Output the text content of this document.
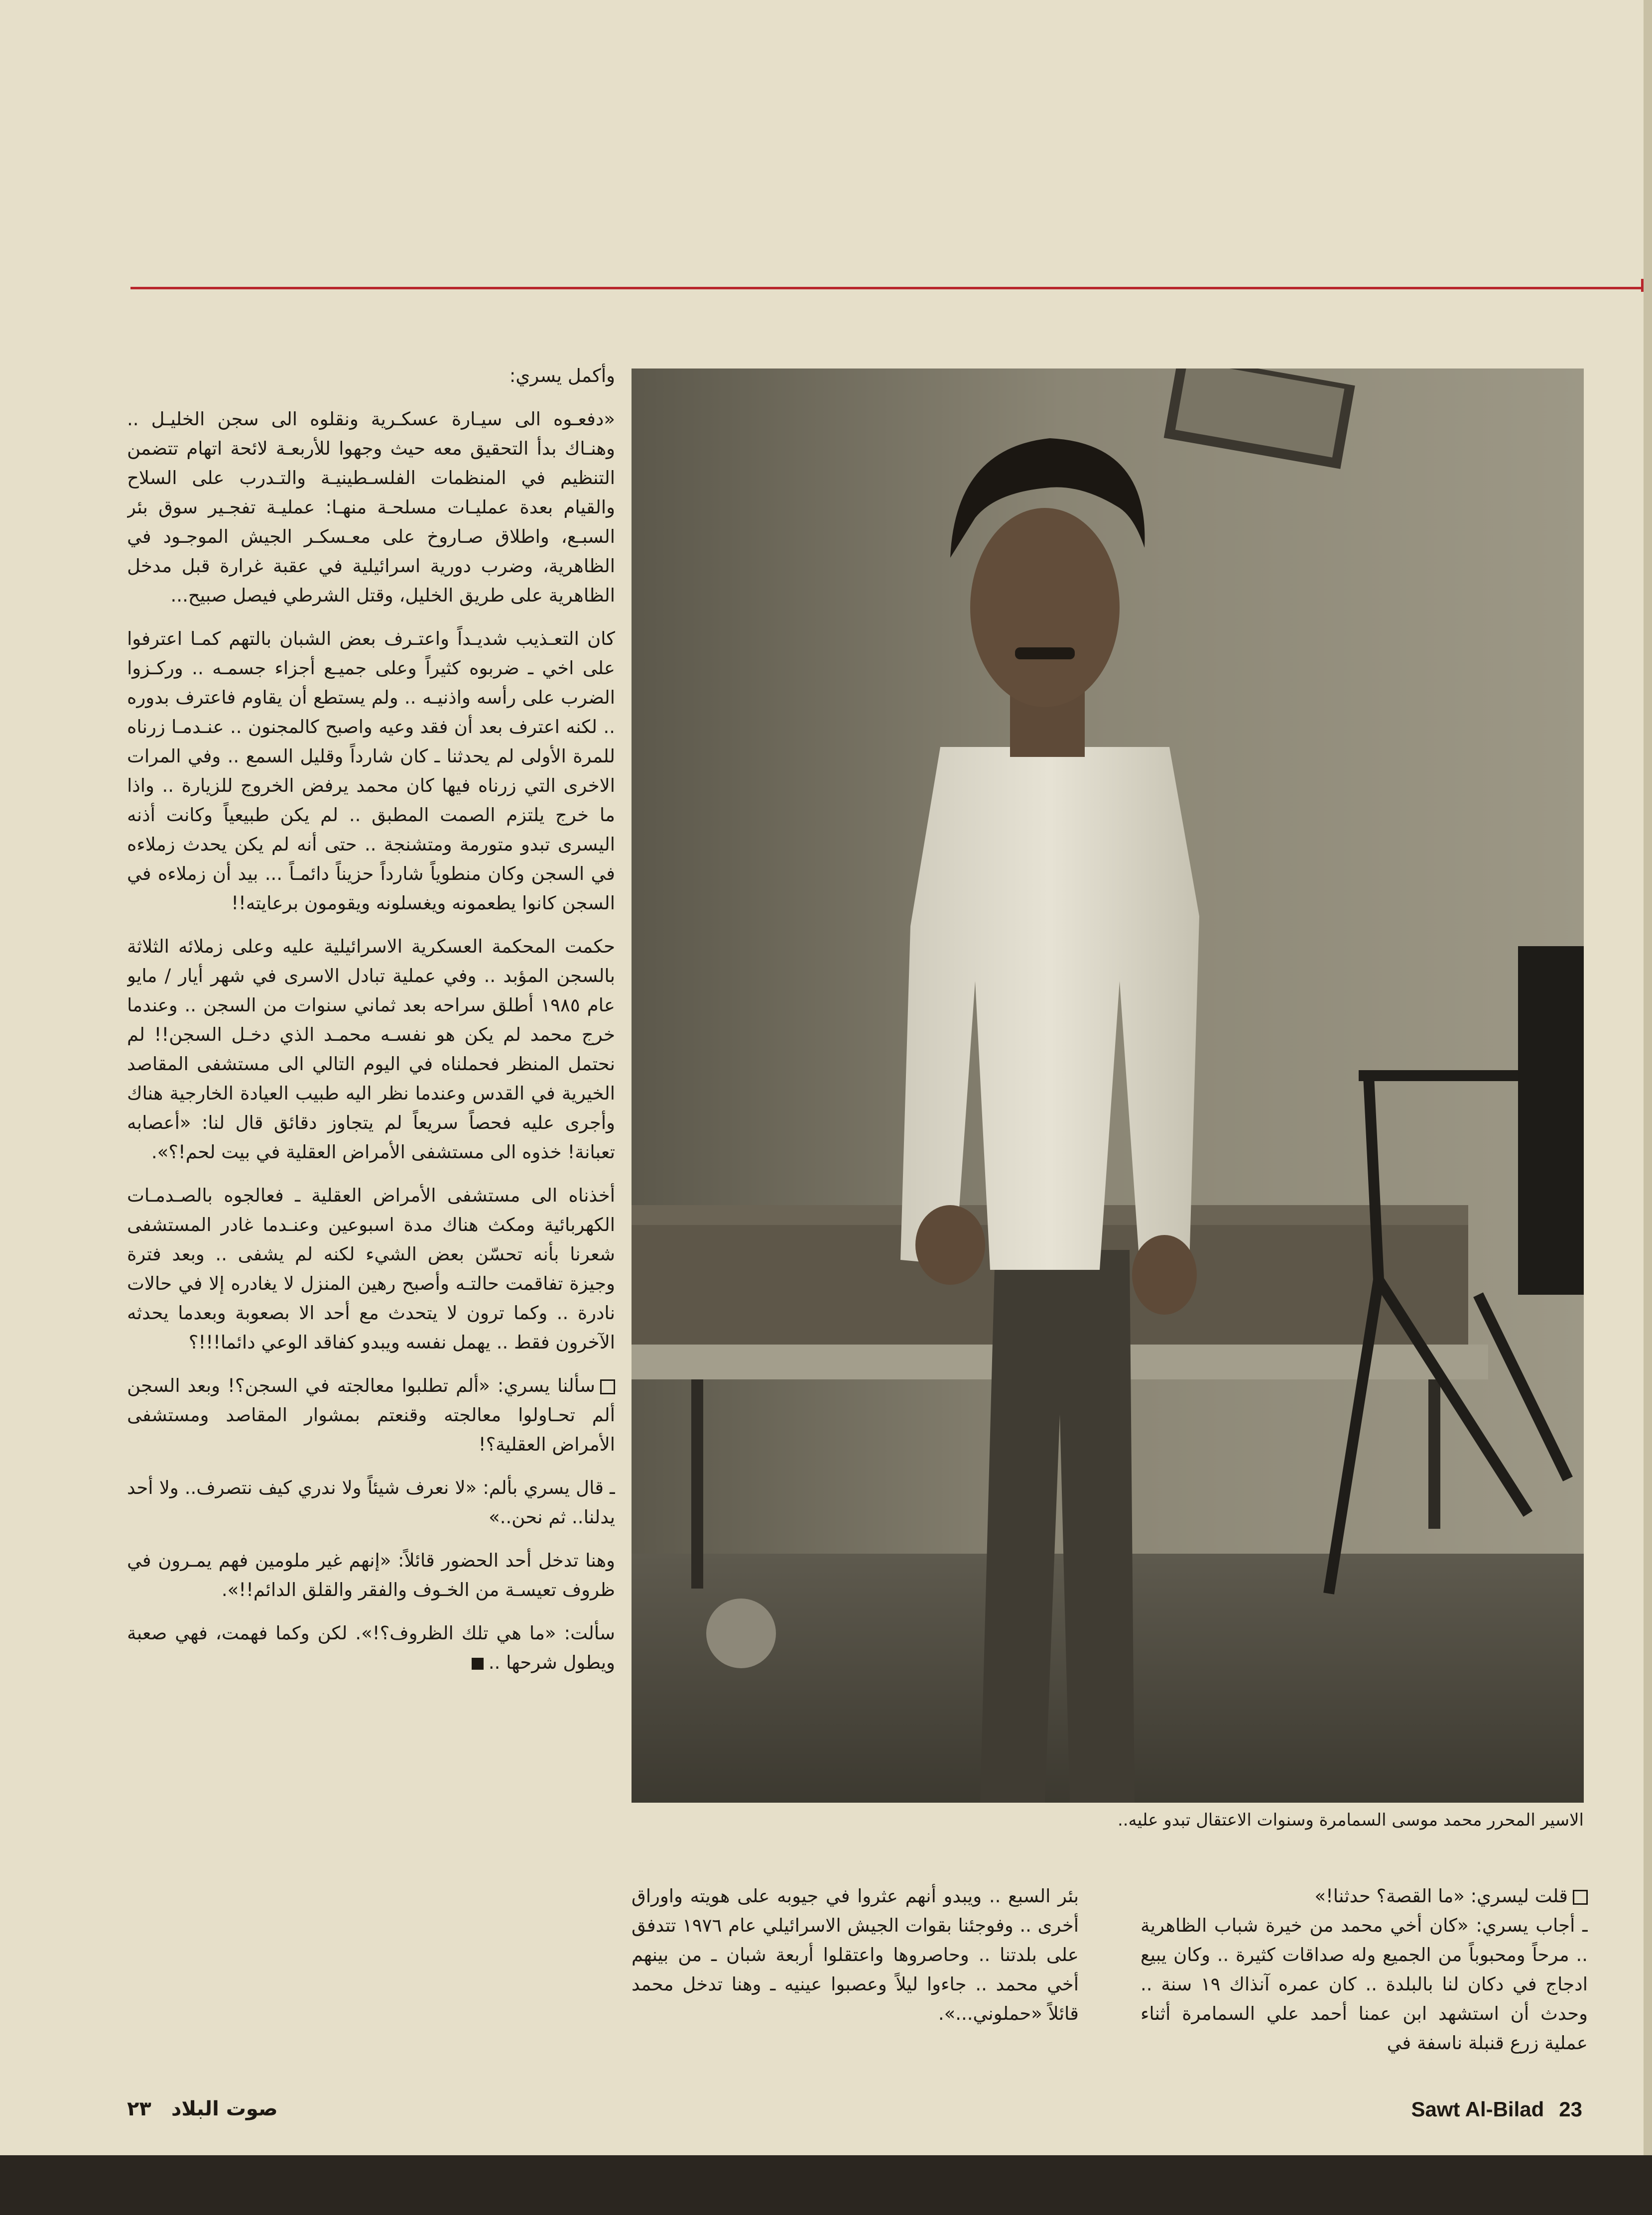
وأكمل يسري:

«دفعـوه الى سيـارة عسكـرية ونقلوه الى سجن الخليـل .. وهنـاك بدأ التحقيق معه حيث وجهوا للأربعـة لائحة اتهام تتضمن التنظيم في المنظمات الفلسـطينيـة والتـدرب على السلاح والقيام بعدة عمليـات مسلحـة منهـا: عمليـة تفجـير سوق بئر السبـع، واطلاق صـاروخ على معـسكـر الجيش الموجـود في الظاهرية، وضرب دورية اسرائيلية في عقبة غرارة قبل مدخل الظاهرية على طريق الخليل، وقتل الشرطي فيصل صبيح...

كان التعـذيب شديـداً واعتـرف بعض الشبان بالتهم كمـا اعترفوا على اخي ـ ضربوه كثيراً وعلى جميـع أجزاء جسمـه .. وركـزوا الضرب على رأسه واذنيـه .. ولم يستطع أن يقاوم فاعترف بدوره .. لكنه اعترف بعد أن فقد وعيه واصبح كالمجنون .. عنـدمـا زرناه للمرة الأولى لم يحدثنا ـ كان شارداً وقليل السمع .. وفي المرات الاخرى التي زرناه فيها كان محمد يرفض الخروج للزيارة .. واذا ما خرج يلتزم الصمت المطبق .. لم يكن طبيعياً وكانت أذنه اليسرى تبدو متورمة ومتشنجة .. حتى أنه لم يكن يحدث زملاءه في السجن وكان منطوياً شارداً حزيناً دائمـاً ... بيد أن زملاءه في السجن كانوا يطعمونه ويغسلونه ويقومون برعايته!!

حكمت المحكمة العسكرية الاسرائيلية عليه وعلى زملائه الثلاثة بالسجن المؤبد .. وفي عملية تبادل الاسرى في شهر أيار / مايو عام ١٩٨٥ أطلق سراحه بعد ثماني سنوات من السجن .. وعندما خرج محمد لم يكن هو نفسـه محمـد الذي دخـل السجن!! لم نحتمل المنظر فحملناه في اليوم التالي الى مستشفى المقاصد الخيرية في القدس وعندما نظر اليه طبيب العيادة الخارجية هناك وأجرى عليه فحصاً سريعاً لم يتجاوز دقائق قال لنا: «أعصابه تعبانة! خذوه الى مستشفى الأمراض العقلية في بيت لحم!؟».

أخذناه الى مستشفى الأمراض العقلية ـ فعالجوه بالصـدمـات الكهربائية ومكث هناك مدة اسبوعين وعنـدما غادر المستشفى شعرنا بأنه تحسّن بعض الشيء لكنه لم يشفى .. وبعد فترة وجيزة تفاقمت حالتـه وأصبح رهين المنزل لا يغادره إلا في حالات نادرة .. وكما ترون لا يتحدث مع أحد الا بصعوبة وبعدما يحدثه الآخرون فقط .. يهمل نفسه ويبدو كفاقد الوعي دائما!!!؟

سألنا يسري: «ألم تطلبوا معالجته في السجن؟! وبعد السجن ألم تحـاولوا معالجته وقنعتم بمشوار المقاصد ومستشفى الأمراض العقلية؟!

ـ قال يسري بألم: «لا نعرف شيئاً ولا ندري كيف نتصرف.. ولا أحد يدلنا.. ثم نحن..»

وهنا تدخل أحد الحضور قائلاً: «إنهم غير ملومين فهم يمـرون في ظروف تعيسـة من الخـوف والفقر والقلق الدائم!!».

سألت: «ما هي تلك الظروف؟!». لكن وكما فهمت، فهي صعبة ويطول شرحها ..

الاسير المحرر محمد موسى السمامرة وسنوات الاعتقال تبدو عليه..

بئر السبع .. ويبدو أنهم عثروا في جيوبه على هويته واوراق أخرى .. وفوجئنا بقوات الجيش الاسرائيلي عام ١٩٧٦ تتدفق على بلدتنا .. وحاصروها واعتقلوا أربعة شبان ـ من بينهم أخي محمد .. جاءوا ليلاً وعصبوا عينيه ـ وهنا تدخل محمد قائلاً «حملوني...».

قلت ليسري: «ما القصة؟ حدثنا!»

ـ أجاب يسري: «كان أخي محمد من خيرة شباب الظاهرية .. مرحاً ومحبوباً من الجميع وله صداقات كثيرة .. وكان يبيع ادجاج في دكان لنا بالبلدة .. كان عمره آنذاك ١٩ سنة .. وحدث أن استشهد ابن عمنا أحمد علي السمامرة أثناء عملية زرع قنبلة ناسفة في

صوت البلاد٢٣	Sawt Al-Bilad 23
